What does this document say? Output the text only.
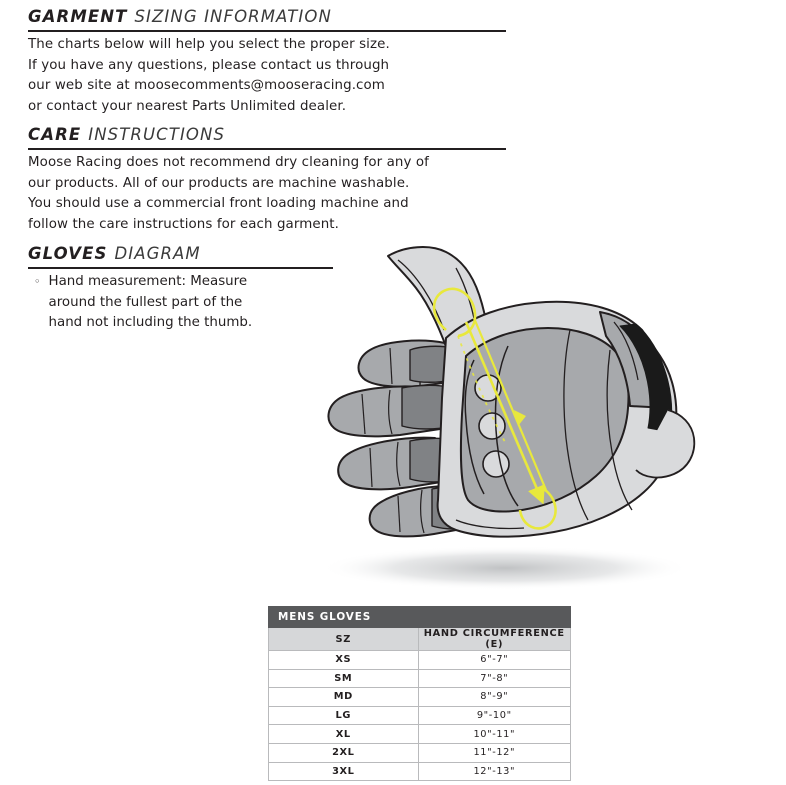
GARMENT SIZING INFORMATION
The charts below will help you select the proper size.
If you have any questions, please contact us through
our web site at moosecomments@mooseracing.com
or contact your nearest Parts Unlimited dealer.
CARE INSTRUCTIONS
Moose Racing does not recommend dry cleaning for any of
our products. All of our products are machine washable.
You should use a commercial front loading machine and
follow the care instructions for each garment.
GLOVES DIAGRAM
◦ Hand measurement: Measure
around the fullest part of the
hand not including the thumb.
MENS GLOVES	
SZ	HAND CIRCUMFERENCE (E)
XS	6"-7"
SM	7"-8"
MD	8"-9"
LG	9"-10"
XL	10"-11"
2XL	11"-12"
3XL	12"-13"
